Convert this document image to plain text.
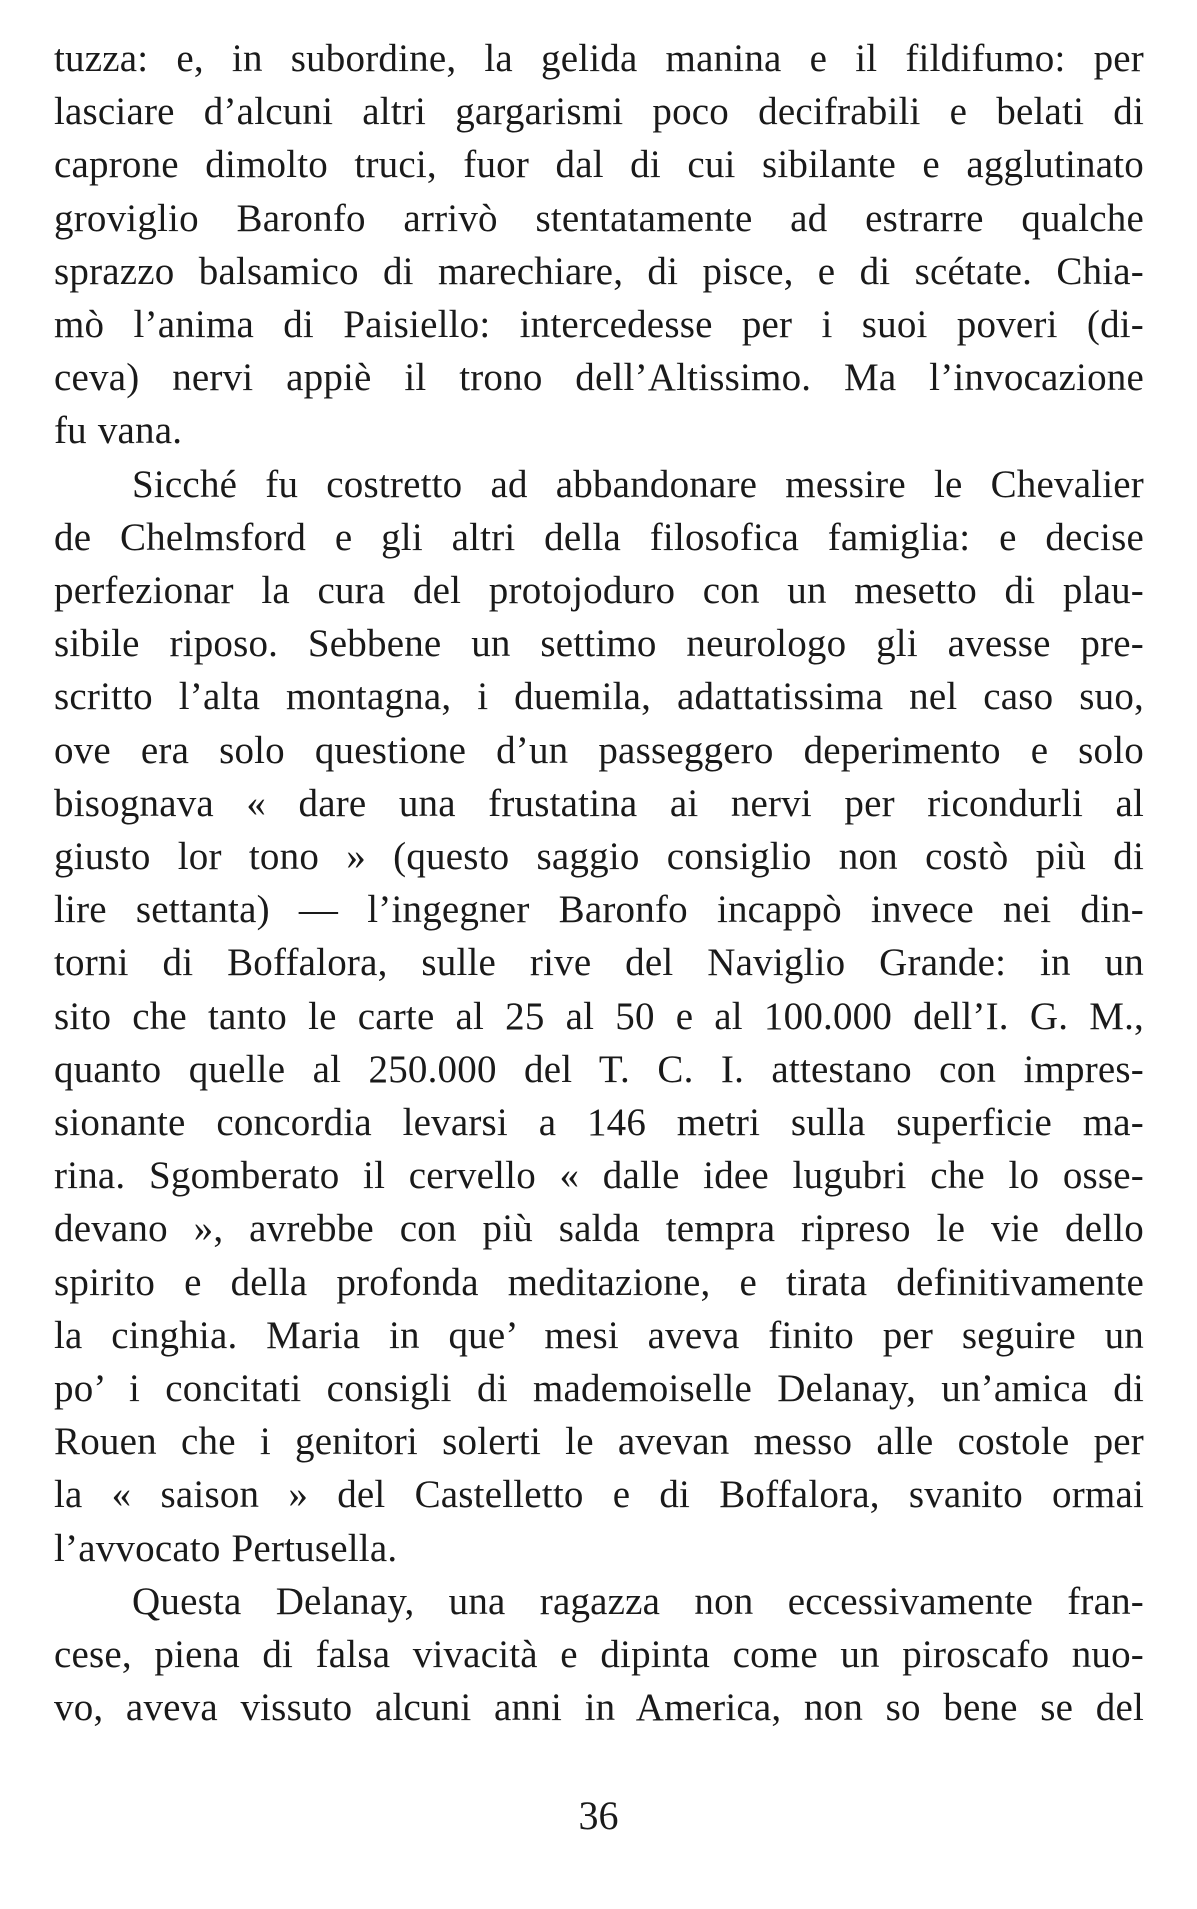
tuzza: e, in subordine, la gelida manina e il fildifumo: per
lasciare d’alcuni altri gargarismi poco decifrabili e belati di
caprone dimolto truci, fuor dal di cui sibilante e agglutinato
groviglio Baronfo arrivò stentatamente ad estrarre qualche
sprazzo balsamico di marechiare, di pisce, e di scétate. Chia-
mò l’anima di Paisiello: intercedesse per i suoi poveri (di-
ceva) nervi appiè il trono dell’Altissimo. Ma l’invocazione
fu vana.

Sicché fu costretto ad abbandonare messire le Chevalier
de Chelmsford e gli altri della filosofica famiglia: e decise
perfezionar la cura del protojoduro con un mesetto di plau-
sibile riposo. Sebbene un settimo neurologo gli avesse pre-
scritto l’alta montagna, i duemila, adattatissima nel caso suo,
ove era solo questione d’un passeggero deperimento e solo
bisognava « dare una frustatina ai nervi per ricondurli al
giusto lor tono » (questo saggio consiglio non costò più di
lire settanta) — l’ingegner Baronfo incappò invece nei din-
torni di Boffalora, sulle rive del Naviglio Grande: in un
sito che tanto le carte al 25 al 50 e al 100.000 dell’I. G. M.,
quanto quelle al 250.000 del T. C. I. attestano con impres-
sionante concordia levarsi a 146 metri sulla superficie ma-
rina. Sgomberato il cervello « dalle idee lugubri che lo osse-
devano », avrebbe con più salda tempra ripreso le vie dello
spirito e della profonda meditazione, e tirata definitivamente
la cinghia. Maria in que’ mesi aveva finito per seguire un
po’ i concitati consigli di mademoiselle Delanay, un’amica di
Rouen che i genitori solerti le avevan messo alle costole per
la « saison » del Castelletto e di Boffalora, svanito ormai
l’avvocato Pertusella.

Questa Delanay, una ragazza non eccessivamente fran-
cese, piena di falsa vivacità e dipinta come un piroscafo nuo-
vo, aveva vissuto alcuni anni in America, non so bene se del

36
